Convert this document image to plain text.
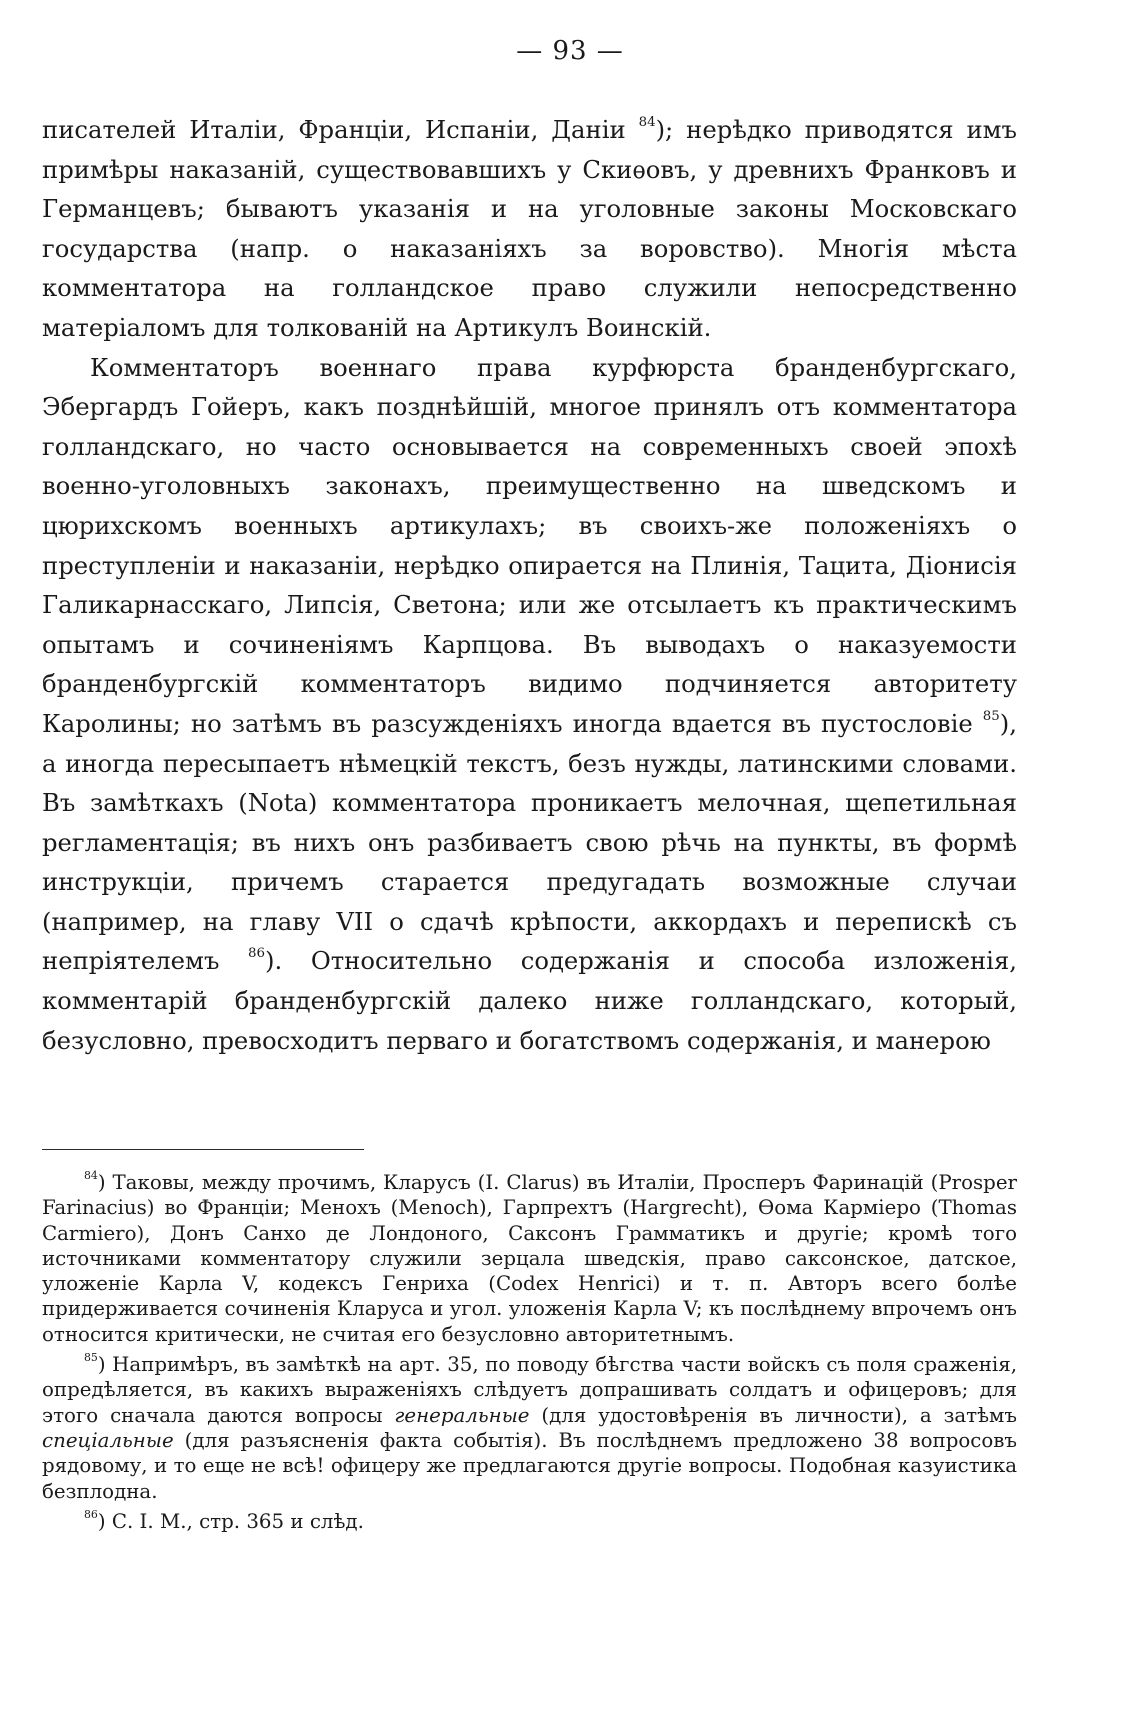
— 93 —

писателей Италіи, Франціи, Испаніи, Даніи $^{84}$); нерѣдко приводятся имъ примѣры наказаній, существовавшихъ у Скиѳовъ, у древнихъ Франковъ и Германцевъ; бываютъ указанія и на уголовные законы Московскаго государства (напр. о наказаніяхъ за воровство). Многія мѣста комментатора на голландское право служили непосредственно матеріаломъ для толкованій на Артикулъ Воинскій.

Комментаторъ военнаго права курфюрста бранденбургскаго, Эбергардъ Гойеръ, какъ позднѣйшій, многое принялъ отъ комментатора голландскаго, но часто основывается на современныхъ своей эпохѣ военно-уголовныхъ законахъ, преимущественно на шведскомъ и цюрихскомъ военныхъ артикулахъ; въ своихъ-же положеніяхъ о преступленіи и наказаніи, нерѣдко опирается на Плинія, Тацита, Діонисія Галикарнасскаго, Липсія, Светона; или же отсылаетъ къ практическимъ опытамъ и сочиненіямъ Карпцова. Въ выводахъ о наказуемости бранденбургскій комментаторъ видимо подчиняется авторитету Каролины; но затѣмъ въ разсужденіяхъ иногда вдается въ пустословіе $^{85}$), а иногда пересыпаетъ нѣмецкій текстъ, безъ нужды, латинскими словами. Въ замѣткахъ (Nota) комментатора проникаетъ мелочная, щепетильная регламентація; въ нихъ онъ разбиваетъ свою рѣчь на пункты, въ формѣ инструкціи, причемъ старается предугадать возможные случаи (например, на главу VII о сдачѣ крѣпости, аккордахъ и перепискѣ съ непріятелемъ $^{86}$). Относительно содержанія и способа изложенія, комментарій бранденбургскій далеко ниже голландскаго, который, безусловно, превосходитъ перваго и богатствомъ содержанія, и манерою

$^{84}$) Таковы, между прочимъ, Кларусъ (I. Clarus) въ Италіи, Просперъ Фаринацій (Prosper Farinacius) во Франціи; Менохъ (Menoch), Гарпрехтъ (Hargrecht), Ѳома Кармiеро (Thomas Carmiero), Донъ Санхо де Лондоного, Саксонъ Грамматикъ и другіе; кромѣ того источниками комментатору служили зерцала шведскія, право саксонское, датское, уложеніе Карла V, кодексъ Генриха (Codex Henrici) и т. п. Авторъ всего болѣе придерживается сочиненія Кларуса и угол. уложенія Карла V; къ послѣднему впрочемъ онъ относится критически, не считая его безусловно авторитетнымъ.

$^{85}$) Напримѣръ, въ замѣткѣ на арт. 35, по поводу бѣгства части войскъ съ поля сраженія, опредѣляется, въ какихъ выраженіяхъ слѣдуетъ допрашивать солдатъ и офицеровъ; для этого сначала даются вопросы генеральные (для удостовѣренія въ личности), а затѣмъ спеціальные (для разъясненія факта событія). Въ послѣднемъ предложено 38 вопросовъ рядовому, и то еще не всѣ! офицеру же предлагаются другіе вопросы. Подобная казуистика безплодна.

$^{86}$) С. I. М., стр. 365 и слѣд.
